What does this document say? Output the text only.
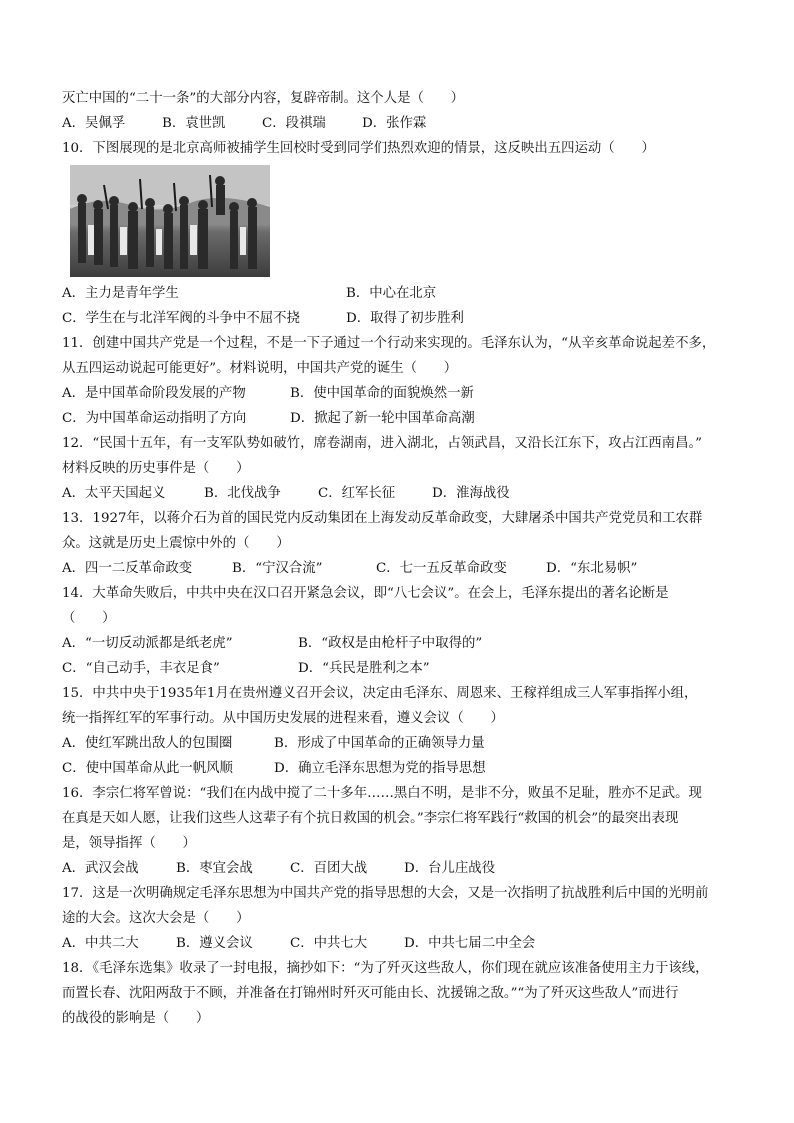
灭亡中国的“二十一条”的大部分内容，复辟帝制。这个人是（　　）
A．吴佩孚	B．袁世凯	C．段祺瑞	D．张作霖
10．下图展现的是北京高师被捕学生回校时受到同学们热烈欢迎的情景，这反映出五四运动（　　）
A．主力是青年学生	B．中心在北京
C．学生在与北洋军阀的斗争中不屈不挠	D．取得了初步胜利
11．创建中国共产党是一个过程，不是一下子通过一个行动来实现的。毛泽东认为，“从辛亥革命说起差不多，
从五四运动说起可能更好”。材料说明，中国共产党的诞生（　　）
A．是中国革命阶段发展的产物	B．使中国革命的面貌焕然一新
C．为中国革命运动指明了方向	D．掀起了新一轮中国革命高潮
12．“民国十五年，有一支军队势如破竹，席卷湖南，进入湖北，占领武昌，又沿长江东下，攻占江西南昌。”
材料反映的历史事件是（　　）
A．太平天国起义	B．北伐战争	C．红军长征	D．淮海战役
13．1927年，以蒋介石为首的国民党内反动集团在上海发动反革命政变，大肆屠杀中国共产党党员和工农群
众。这就是历史上震惊中外的（　　）
A．四一二反革命政变	B．“宁汉合流”	C．七一五反革命政变	D．“东北易帜”
14．大革命失败后，中共中央在汉口召开紧急会议，即“八七会议”。在会上，毛泽东提出的著名论断是
（　　）
A．“一切反动派都是纸老虎”	B．“政权是由枪杆子中取得的”
C．“自己动手，丰衣足食”	D．“兵民是胜利之本”
15．中共中央于1935年1月在贵州遵义召开会议，决定由毛泽东、周恩来、王稼祥组成三人军事指挥小组，
统一指挥红军的军事行动。从中国历史发展的进程来看，遵义会议（　　）
A．使红军跳出敌人的包围圈	B．形成了中国革命的正确领导力量
C．使中国革命从此一帆风顺	D．确立毛泽东思想为党的指导思想
16．李宗仁将军曾说：“我们在内战中搅了二十多年……黑白不明，是非不分，败虽不足耻，胜亦不足武。现
在真是天如人愿，让我们这些人这辈子有个抗日救国的机会。”李宗仁将军践行“救国的机会”的最突出表现
是，领导指挥（　　）
A．武汉会战	B．枣宜会战	C．百团大战	D．台儿庄战役
17．这是一次明确规定毛泽东思想为中国共产党的指导思想的大会，又是一次指明了抗战胜利后中国的光明前
途的大会。这次大会是（　　）
A．中共二大	B．遵义会议	C．中共七大	D．中共七届二中全会
18．《毛泽东选集》收录了一封电报，摘抄如下：“为了歼灭这些敌人，你们现在就应该准备使用主力于该线，
而置长春、沈阳两敌于不顾，并准备在打锦州时歼灭可能由长、沈援锦之敌。”“为了歼灭这些敌人”而进行
的战役的影响是（　　）
